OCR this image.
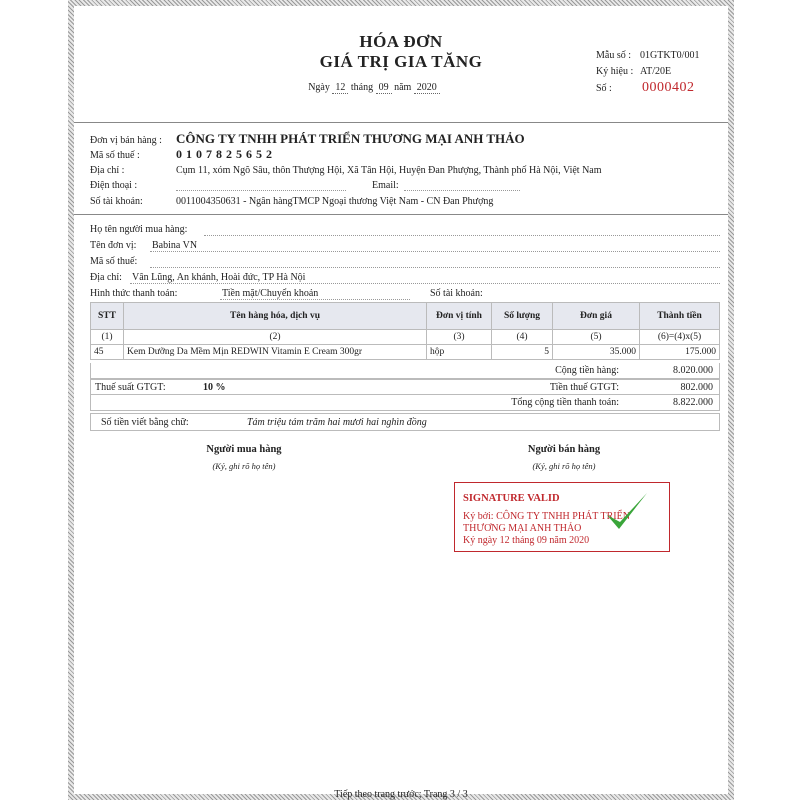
HÓA ĐƠN
GIÁ TRỊ GIA TĂNG
Ngày 12 tháng 09 năm 2020
Mẫu số : 01GTKT0/001
Ký hiệu : AT/20E
Số : 0000402
Đơn vị bán hàng : CÔNG TY TNHH PHÁT TRIỂN THƯƠNG MẠI ANH THẢO
Mã số thuế :	0107825652
Địa chỉ :	Cụm 11, xóm Ngõ Sâu, thôn Thượng Hội, Xã Tân Hội, Huyện Đan Phượng, Thành phố Hà Nội, Việt Nam
Điện thoại :	Email:
Số tài khoản:	0011004350631 - Ngân hàngTMCP Ngoại thương Việt Nam - CN Đan Phượng
Họ tên người mua hàng:
Tên đơn vị: Babina VN
Mã số thuế:
Địa chỉ: Vân Lũng, An khánh, Hoài đức, TP Hà Nội
Hình thức thanh toán:	Tiền mặt/Chuyển khoản	Số tài khoản:
STT	Tên hàng hóa, dịch vụ	Đơn vị tính	Số lượng	Đơn giá	Thành tiền
(1)	(2)	(3)	(4)	(5)	(6)=(4)x(5)
45	Kem Dưỡng Da Mềm Mịn REDWIN Vitamin E Cream 300gr	hộp	5	35.000	175.000
Cộng tiền hàng:	8.020.000
Thuế suất GTGT:	10 %	Tiền thuế GTGT:	802.000
Tổng cộng tiền thanh toán:	8.822.000
Số tiền viết bằng chữ:	Tám triệu tám trăm hai mươi hai nghìn đồng
Người mua hàng
(Ký, ghi rõ họ tên)
Người bán hàng
(Ký, ghi rõ họ tên)
SIGNATURE VALID
Ký bởi: CÔNG TY TNHH PHÁT TRIỂN
THƯƠNG MẠI ANH THẢO
Ký ngày 12 tháng 09 năm 2020
Tiếp theo trang trước; Trang 3 / 3
